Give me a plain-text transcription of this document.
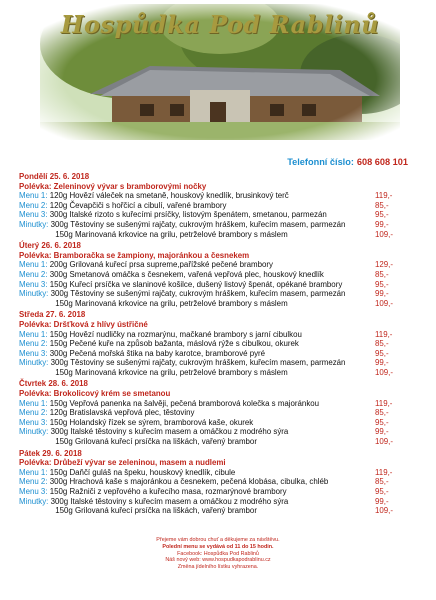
Hospůdka Pod Rablinů
Telefonní číslo: 608 608 101
Pondělí 25. 6. 2018
Polévka: Zeleninový vývar s bramborovými nočky
Menu 1: 120g Hovězí váleček na smetaně, houskový knedlík, brusinkový terč	119,-
Menu 2: 120g Čevapčiči s hořčicí a cibulí, vařené brambory	85,-
Menu 3: 300g Italské rizoto s kuřecími prsíčky, listovým špenátem, smetanou, parmezán	95,-
Minutky: 300g Těstoviny se sušenými rajčaty, cukrovým hráškem, kuřecím masem, parmezán	99,-
150g Marinovaná krkovice na grilu, petrželové brambory s máslem	109,-
Úterý 26. 6. 2018
Polévka: Bramboračka se žampiony, majoránkou a česnekem
Menu 1: 200g Grilovaná kuřecí prsa supreme,pařížské pečené brambory	129,-
Menu 2: 300g Smetanová omáčka s česnekem, vařená vepřová plec, houskový knedlík	85,-
Menu 3: 150g Kuřecí prsíčka ve slaninové košilce, dušený listový špenát, opékané brambory	95,-
Minutky: 300g Těstoviny se sušenými rajčaty, cukrovým hráškem, kuřecím masem, parmezán	99,-
150g Marinovaná krkovice na grilu, petrželové brambory s máslem	109,-
Středa 27. 6. 2018
Polévka: Dršťková z hlívy ústřičné
Menu 1: 150g Hovězí nudličky na rozmarýnu, mačkané brambory s jarní cibulkou	119,-
Menu 2: 150g Pečené kuře na způsob bažanta, máslová rýže s cibulkou, okurek	85,-
Menu 3: 300g Pečená mořská štika na baby karotce, bramborové pyré	95,-
Minutky: 300g Těstoviny se sušenými rajčaty, cukrovým hráškem, kuřecím masem, parmezán	99,-
150g Marinovaná krkovice na grilu, petrželové brambory s máslem	109,-
Čtvrtek 28. 6. 2018
Polévka: Brokolicový krém se smetanou
Menu 1: 150g Vepřová panenka na šalvěji, pečená bramborová kolečka s majoránkou	119,-
Menu 2: 120g Bratislavská vepřová plec, těstoviny	85,-
Menu 3: 150g Holandský řízek se sýrem, bramborová kaše, okurek	95,-
Minutky: 300g Italské těstoviny s kuřecím masem a omáčkou z modrého sýra	99,-
150g Grilovaná kuřecí prsíčka na liškách, vařený brambor	109,-
Pátek 29. 6. 2018
Polévka: Drůbeží vývar se zeleninou, masem a nudlemi
Menu 1: 150g Daňčí guláš na špeku, houskový knedlík, cibule	119,-
Menu 2: 300g Hrachová kaše s majoránkou a česnekem, pečená klobása, cibulka, chléb	85,-
Menu 3: 150g Ražniči z vepřového a kuřecího masa, rozmarýnové brambory	95,-
Minutky: 300g Italské těstoviny s kuřecím masem a omáčkou z modrého sýra	99,-
150g Grilovaná kuřecí prsíčka na liškách, vařený brambor	109,-
Přejeme vám dobrou chuť a děkujeme za návštěvu.
Polední menu se vydává od 11 do 15 hodin.
Facebook: Hospůdka Pod Rablinů
Náš nový web: www.hospudkapodrablinu.cz
Změna jídelního lístku vyhrazena.
